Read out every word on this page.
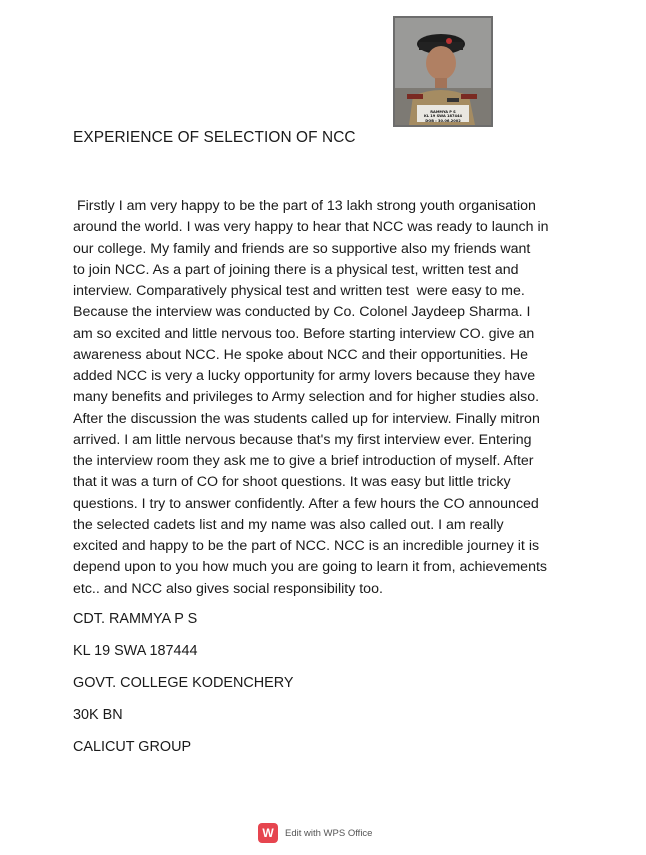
RAMMYA P S
KL 19 SWA 187444
DOB : 30.06.2002
EXPERIENCE OF SELECTION OF NCC

Firstly I am very happy to be the part of 13 lakh strong youth organisation
around the world. I was very happy to hear that NCC was ready to launch in
our college. My family and friends are so supportive also my friends want
to join NCC. As a part of joining there is a physical test, written test and
interview. Comparatively physical test and written test  were easy to me.
Because the interview was conducted by Co. Colonel Jaydeep Sharma. I
am so excited and little nervous too. Before starting interview CO. give an
awareness about NCC. He spoke about NCC and their opportunities. He
added NCC is very a lucky opportunity for army lovers because they have
many benefits and privileges to Army selection and for higher studies also.
After the discussion the was students called up for interview. Finally mitron
arrived. I am little nervous because that's my first interview ever. Entering
the interview room they ask me to give a brief introduction of myself. After
that it was a turn of CO for shoot questions. It was easy but little tricky
questions. I try to answer confidently. After a few hours the CO announced
the selected cadets list and my name was also called out. I am really
excited and happy to be the part of NCC. NCC is an incredible journey it is
depend upon to you how much you are going to learn it from, achievements
etc.. and NCC also gives social responsibility too.

CDT. RAMMYA P S

KL 19 SWA 187444

GOVT. COLLEGE KODENCHERY

30K BN

CALICUT GROUP

W	Edit with WPS Office
